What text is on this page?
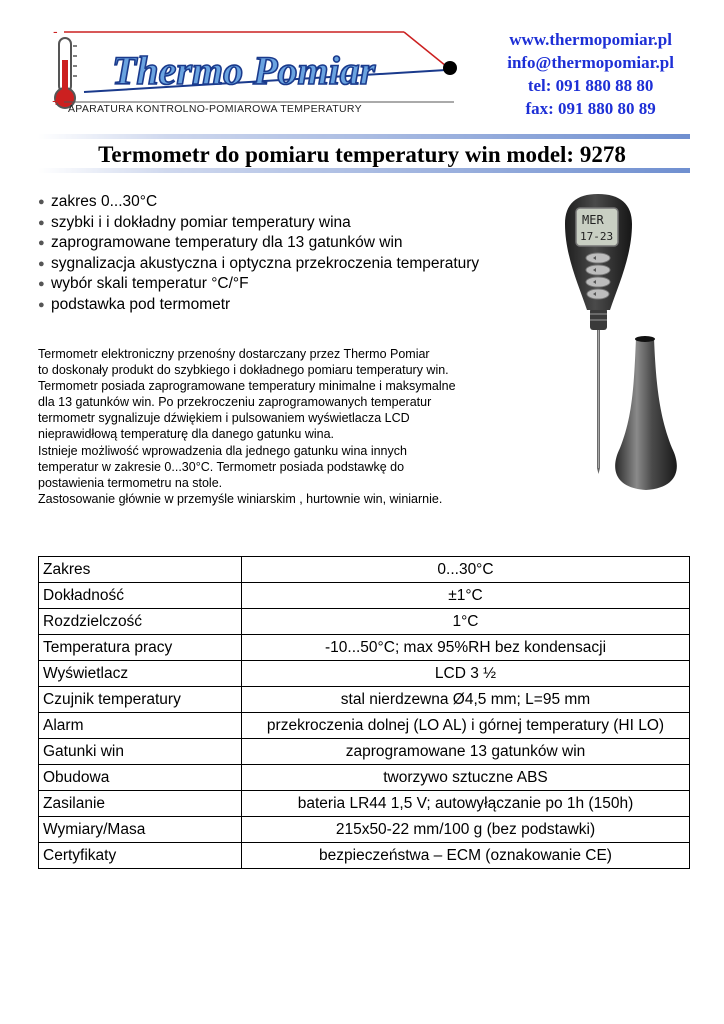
-
+
Thermo Pomiar
APARATURA KONTROLNO-POMIAROWA TEMPERATURY
www.thermopomiar.pl
info@thermopomiar.pl
tel: 091 880 88 80
fax: 091 880 80 89
Termometr do pomiaru temperatury win model: 9278
● zakres 0...30°C
● szybki i i dokładny pomiar temperatury wina
● zaprogramowane temperatury dla 13 gatunków win
● sygnalizacja akustyczna i optyczna przekroczenia temperatury
● wybór skali temperatur °C/°F
● podstawka pod termometr
Termometr elektroniczny przenośny dostarczany przez Thermo Pomiar
to doskonały produkt do szybkiego i dokładnego pomiaru temperatury win.
Termometr posiada zaprogramowane temperatury minimalne i maksymalne
dla 13 gatunków win. Po przekroczeniu zaprogramowanych temperatur
termometr sygnalizuje dźwiękiem i pulsowaniem wyświetlacza LCD
nieprawidłową temperaturę dla danego gatunku wina.
Istnieje możliwość wprowadzenia dla jednego gatunku wina innych
temperatur w zakresie 0...30°C. Termometr posiada podstawkę do
postawienia termometru na stole.
Zastosowanie głównie w przemyśle winiarskim , hurtownie win, winiarnie.
MER
17-23
Zakres	0...30°C
Dokładność	±1°C
Rozdzielczość	1°C
Temperatura pracy	-10...50°C; max 95%RH bez kondensacji
Wyświetlacz	LCD 3 ½
Czujnik temperatury	stal nierdzewna Ø4,5 mm; L=95 mm
Alarm	przekroczenia dolnej (LO AL) i górnej temperatury (HI LO)
Gatunki win	zaprogramowane 13 gatunków win
Obudowa	tworzywo sztuczne ABS
Zasilanie	bateria LR44 1,5 V; autowyłączanie po 1h (150h)
Wymiary/Masa	215x50-22 mm/100 g (bez podstawki)
Certyfikaty	bezpieczeństwa – ECM (oznakowanie CE)
